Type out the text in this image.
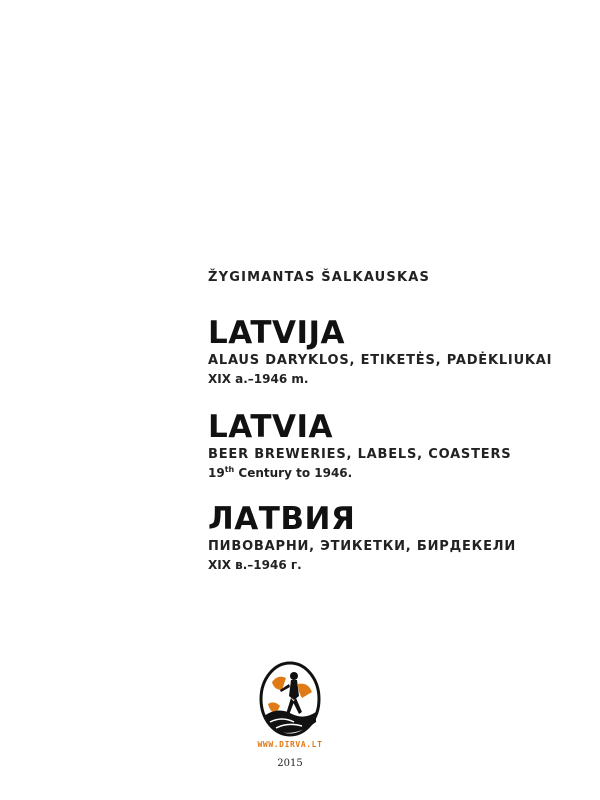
ŽYGIMANTAS ŠALKAUSKAS
LATVIJA
ALAUS DARYKLOS, ETIKETĖS, PADĖKLIUKAI
XIX a.–1946 m.
LATVIA
BEER BREWERIES, LABELS, COASTERS
19th Century to 1946.
ЛАТВИЯ
ПИВОВАРНИ, ЭТИКЕТКИ, БИРДЕКЕЛИ
XIX в.–1946 г.
WWW.DIRVA.LT
2015
